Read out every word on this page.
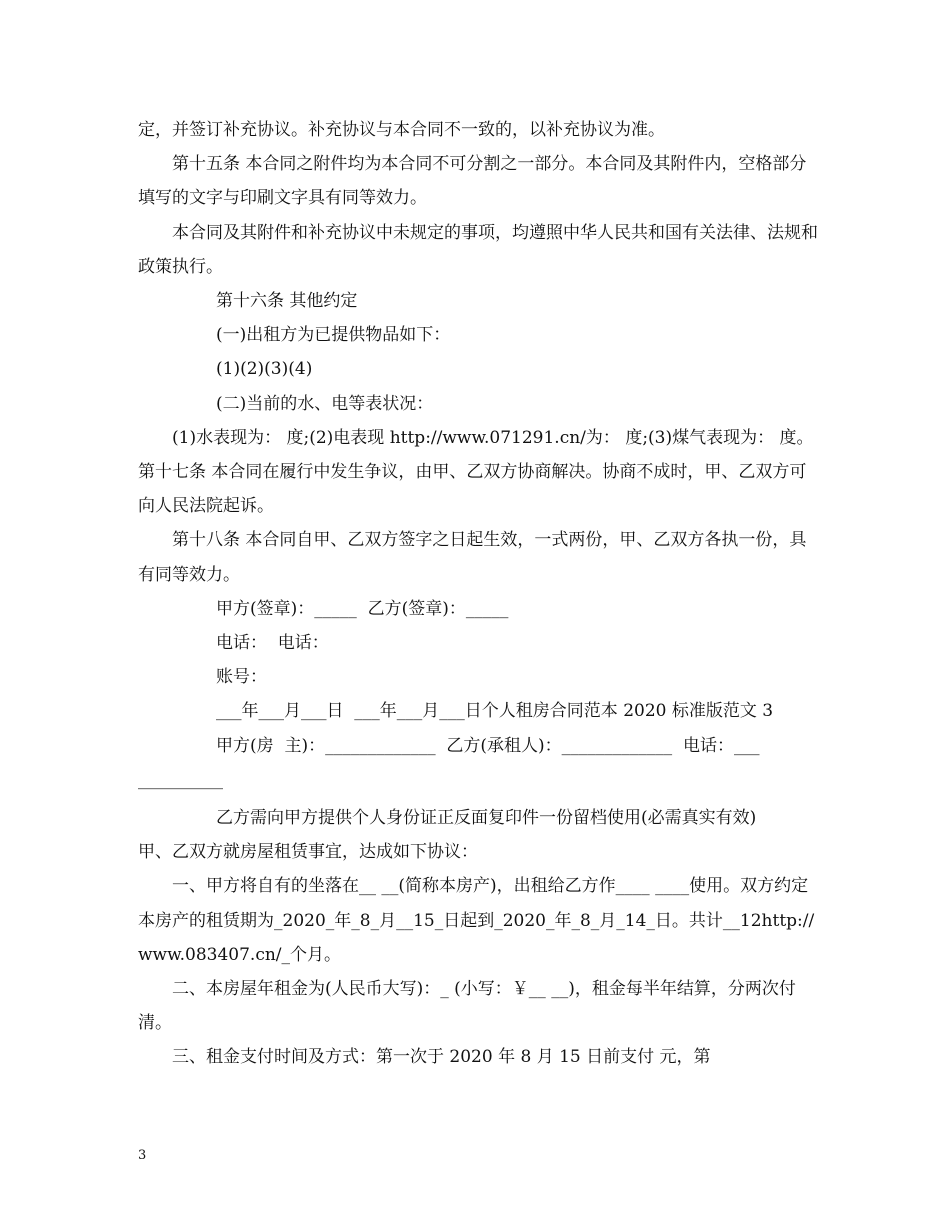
定，并签订补充协议。补充协议与本合同不一致的，以补充协议为准。

第十五条 本合同之附件均为本合同不可分割之一部分。本合同及其附件内，空格部分填写的文字与印刷文字具有同等效力。

本合同及其附件和补充协议中未规定的事项，均遵照中华人民共和国有关法律、法规和政策执行。

第十六条 其他约定

(一)出租方为已提供物品如下：

(1)(2)(3)(4)

(二)当前的水、电等表状况：

(1)水表现为： 度;(2)电表现 http://www.071291.cn/为： 度;(3)煤气表现为： 度。 第十七条 本合同在履行中发生争议，由甲、乙双方协商解决。协商不成时，甲、乙双方可向人民法院起诉。

第十八条 本合同自甲、乙双方签字之日起生效，一式两份，甲、乙双方各执一份，具有同等效力。

甲方(签章)：_____  乙方(签章)：_____

电话：  电话：

账号：

___年___月___日  ___年___月___日个人租房合同范本 2020 标准版范文 3

甲方(房  主)：_____________  乙方(承租人)：_____________  电话：___

__________

乙方需向甲方提供个人身份证正反面复印件一份留档使用(必需真实有效)

甲、乙双方就房屋租赁事宜，达成如下协议：

一、甲方将自有的坐落在__ __(简称本房产)，出租给乙方作____ ____使用。双方约定本房产的租赁期为_2020_年_8_月__15_日起到_2020_年_8_月_14_日。共计__12http://www.083407.cn/_个月。

二、本房屋年租金为(人民币大写)：_ (小写：￥__ __)，租金每半年结算，分两次付清。

三、租金支付时间及方式：第一次于 2020 年 8 月 15 日前支付 元，第

3
